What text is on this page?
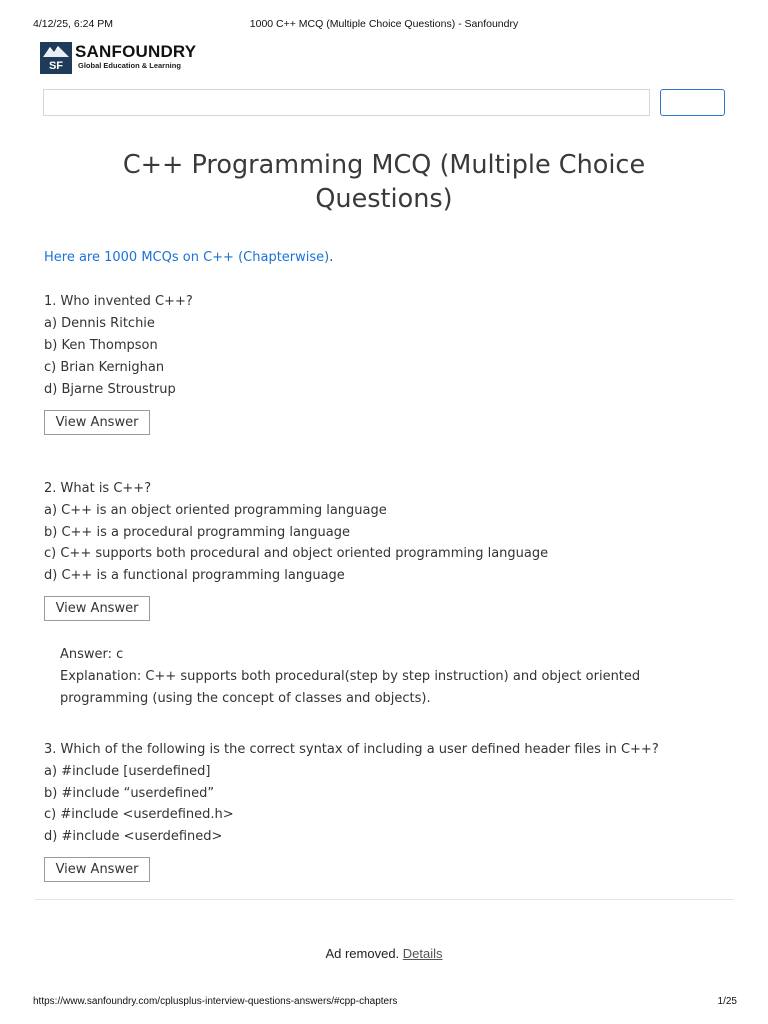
4/12/25, 6:24 PM	1000 C++ MCQ (Multiple Choice Questions) - Sanfoundry
SF
SANFOUNDRY
Global Education & Learning
C++ Programming MCQ (Multiple Choice
Questions)
Here are 1000 MCQs on C++ (Chapterwise).
1. Who invented C++?
a) Dennis Ritchie
b) Ken Thompson
c) Brian Kernighan
d) Bjarne Stroustrup
View Answer
2. What is C++?
a) C++ is an object oriented programming language
b) C++ is a procedural programming language
c) C++ supports both procedural and object oriented programming language
d) C++ is a functional programming language
View Answer
Answer: c
Explanation: C++ supports both procedural(step by step instruction) and object oriented
programming (using the concept of classes and objects).
3. Which of the following is the correct syntax of including a user defined header files in C++?
a) #include [userdefined]
b) #include “userdefined”
c) #include <userdefined.h>
d) #include <userdefined>
View Answer
Ad removed. Details
https://www.sanfoundry.com/cplusplus-interview-questions-answers/#cpp-chapters	1/25
